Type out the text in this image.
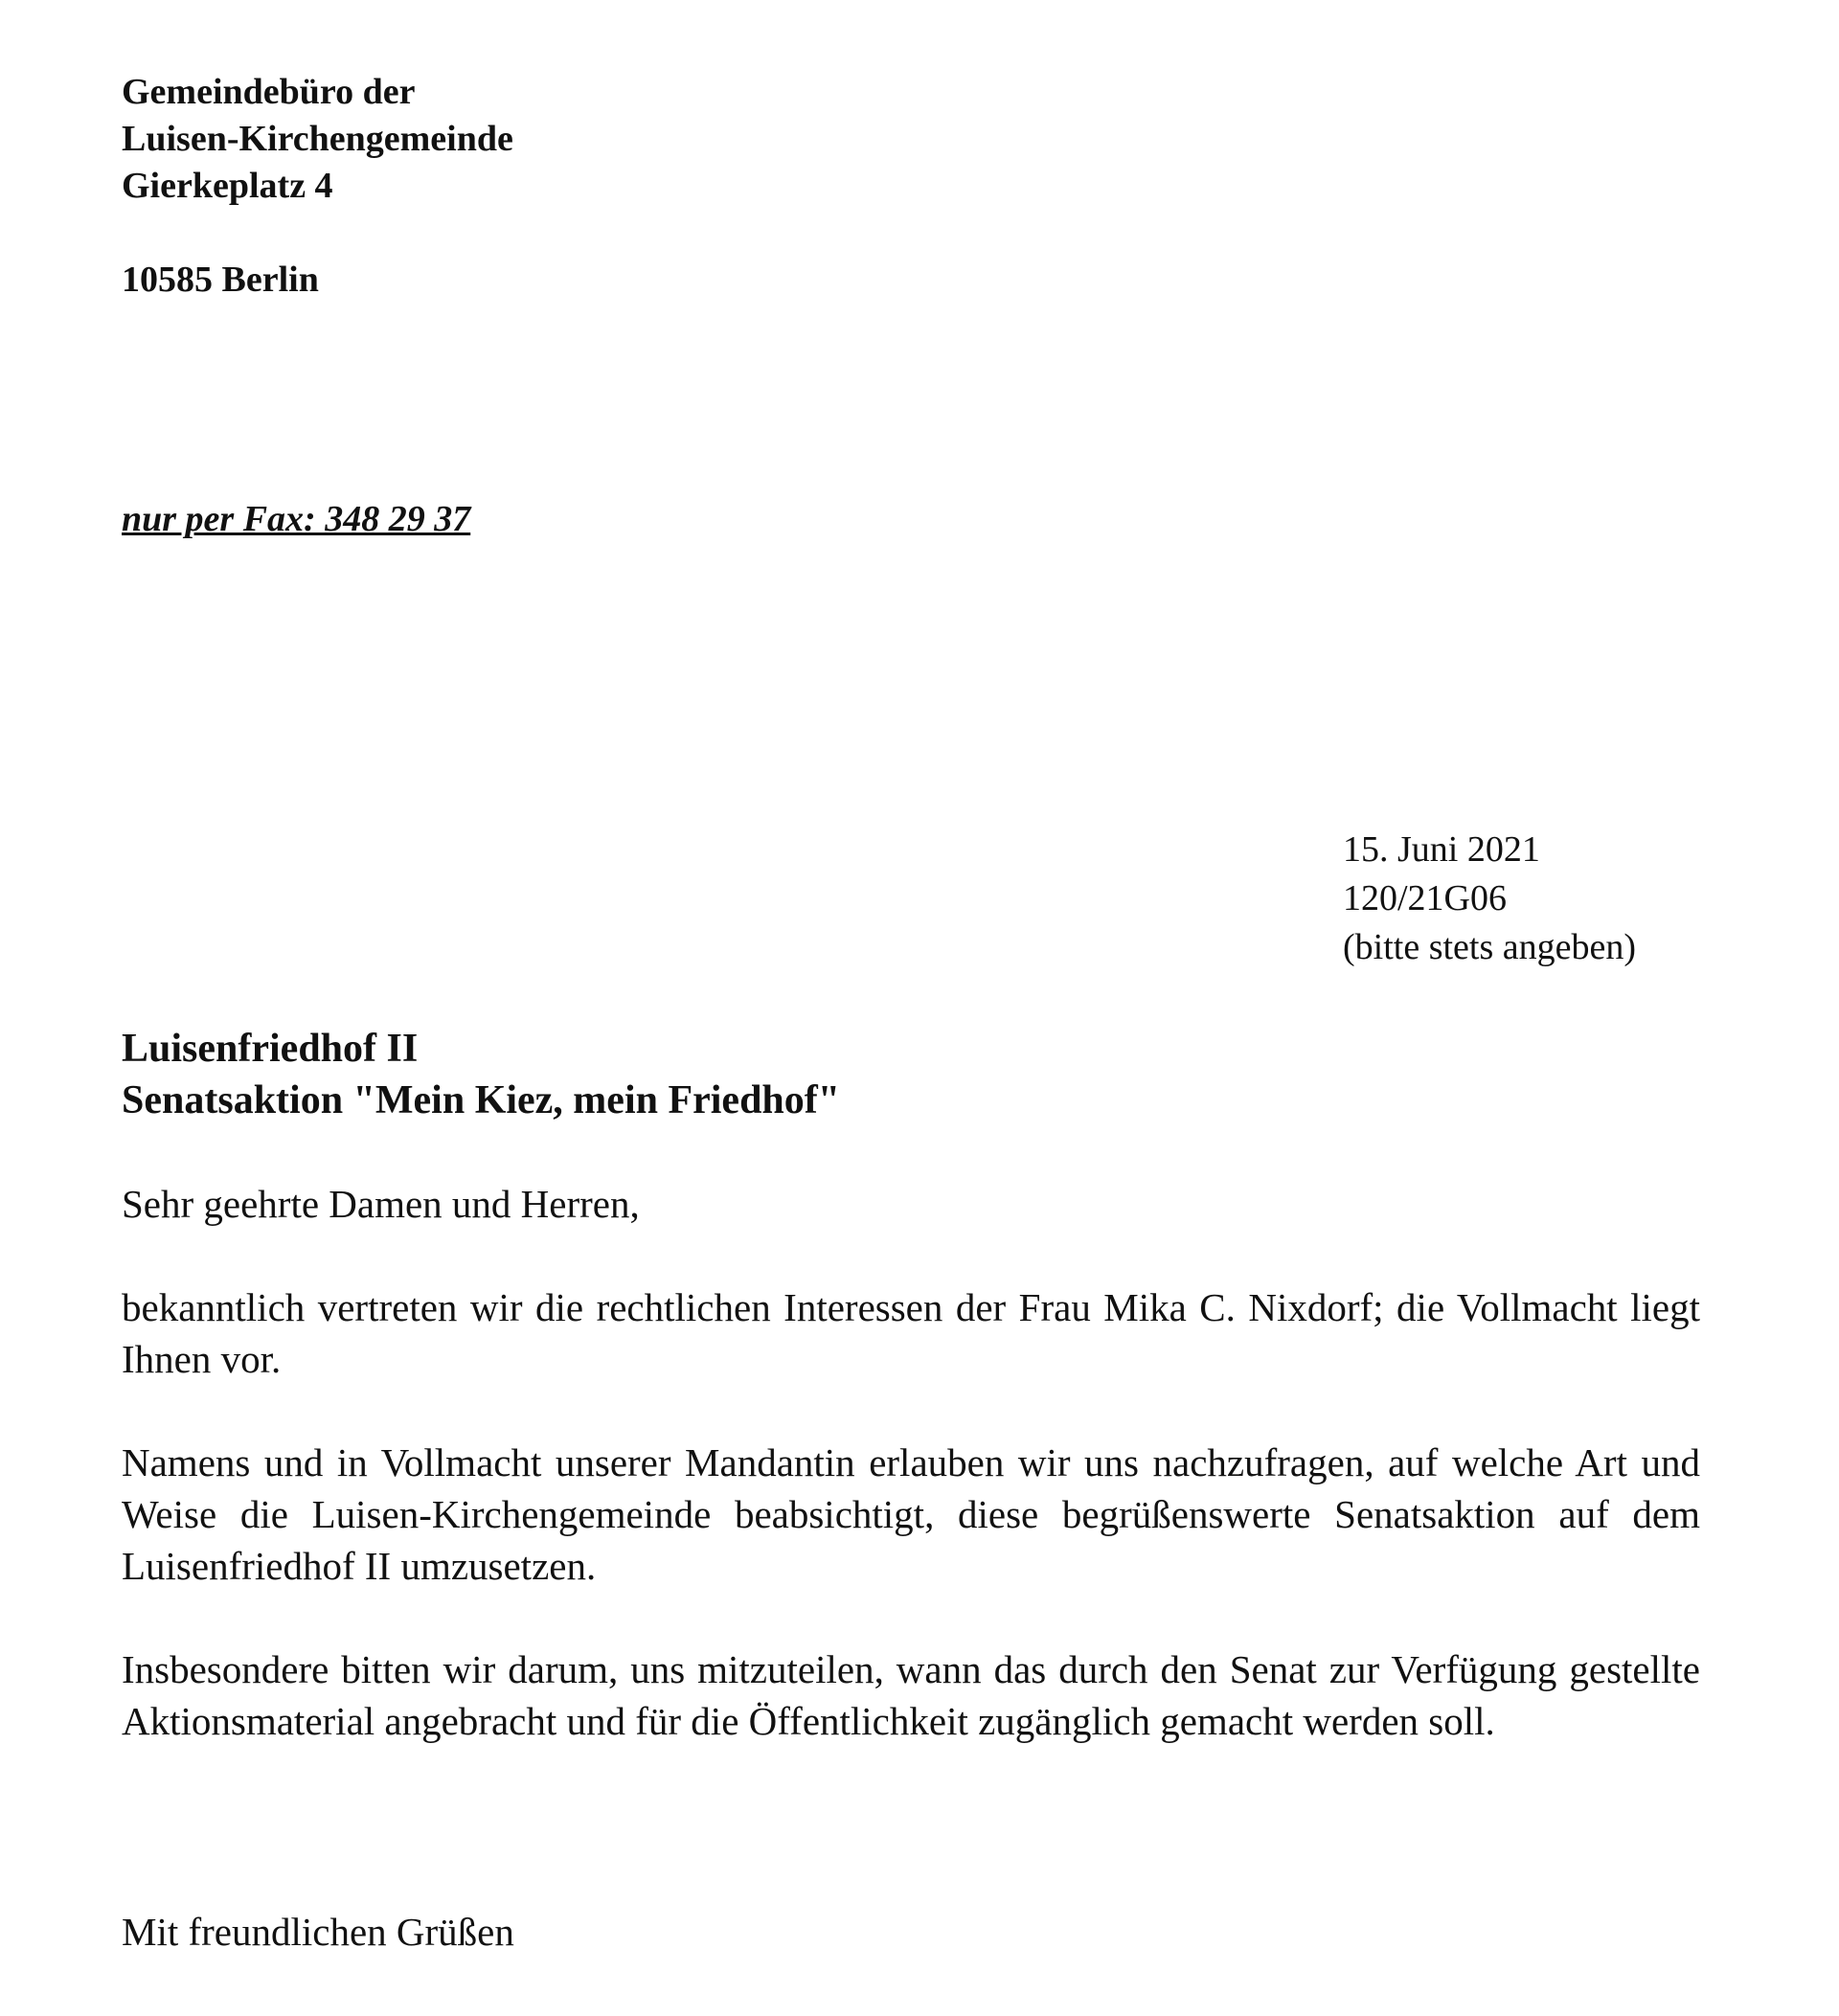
Gemeindebüro der
Luisen-Kirchengemeinde
Gierkeplatz 4
10585 Berlin
nur per Fax: 348 29 37
15. Juni 2021
120/21G06
(bitte stets angeben)
Luisenfriedhof II
Senatsaktion "Mein Kiez, mein Friedhof"

Sehr geehrte Damen und Herren,

bekanntlich vertreten wir die rechtlichen Interessen der Frau Mika C. Nixdorf; die Vollmacht liegt Ihnen vor.

Namens und in Vollmacht unserer Mandantin erlauben wir uns nachzufragen, auf welche Art und Weise die Luisen-Kirchengemeinde beabsichtigt, diese begrüßenswerte Senatsaktion auf dem Luisenfriedhof II umzusetzen.

Insbesondere bitten wir darum, uns mitzuteilen, wann das durch den Senat zur Verfügung gestellte Aktionsmaterial angebracht und für die Öffentlichkeit zugänglich gemacht werden soll.

Mit freundlichen Grüßen
